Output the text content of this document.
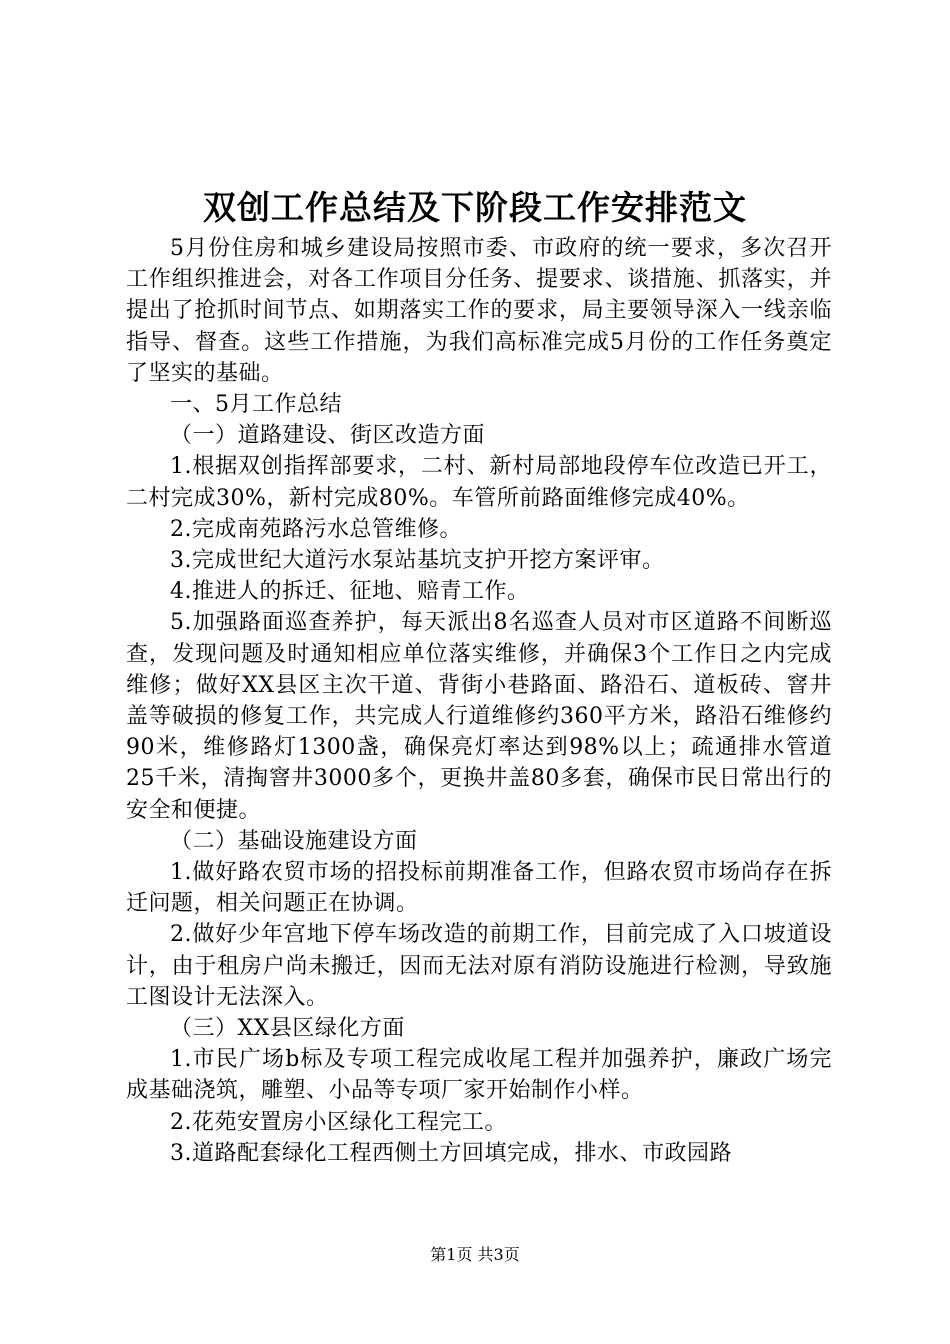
双创工作总结及下阶段工作安排范文

5月份住房和城乡建设局按照市委、市政府的统一要求，多次召开工作组织推进会，对各工作项目分任务、提要求、谈措施、抓落实，并提出了抢抓时间节点、如期落实工作的要求，局主要领导深入一线亲临指导、督查。这些工作措施，为我们高标准完成5月份的工作任务奠定了坚实的基础。

一、5月工作总结

（一）道路建设、街区改造方面

1.根据双创指挥部要求，二村、新村局部地段停车位改造已开工，二村完成30%，新村完成80%。车管所前路面维修完成40%。

2.完成南苑路污水总管维修。

3.完成世纪大道污水泵站基坑支护开挖方案评审。

4.推进人的拆迁、征地、赔青工作。

5.加强路面巡查养护，每天派出8名巡查人员对市区道路不间断巡查，发现问题及时通知相应单位落实维修，并确保3个工作日之内完成维修；做好XX县区主次干道、背街小巷路面、路沿石、道板砖、窨井盖等破损的修复工作，共完成人行道维修约360平方米，路沿石维修约90米，维修路灯1300盏，确保亮灯率达到98%以上；疏通排水管道25千米，清掏窨井3000多个，更换井盖80多套，确保市民日常出行的安全和便捷。

（二）基础设施建设方面

1.做好路农贸市场的招投标前期准备工作，但路农贸市场尚存在拆迁问题，相关问题正在协调。

2.做好少年宫地下停车场改造的前期工作，目前完成了入口坡道设计，由于租房户尚未搬迁，因而无法对原有消防设施进行检测，导致施工图设计无法深入。

（三）XX县区绿化方面

1.市民广场b标及专项工程完成收尾工程并加强养护，廉政广场完成基础浇筑，雕塑、小品等专项厂家开始制作小样。

2.花苑安置房小区绿化工程完工。

3.道路配套绿化工程西侧土方回填完成，排水、市政园路

第1页 共3页
